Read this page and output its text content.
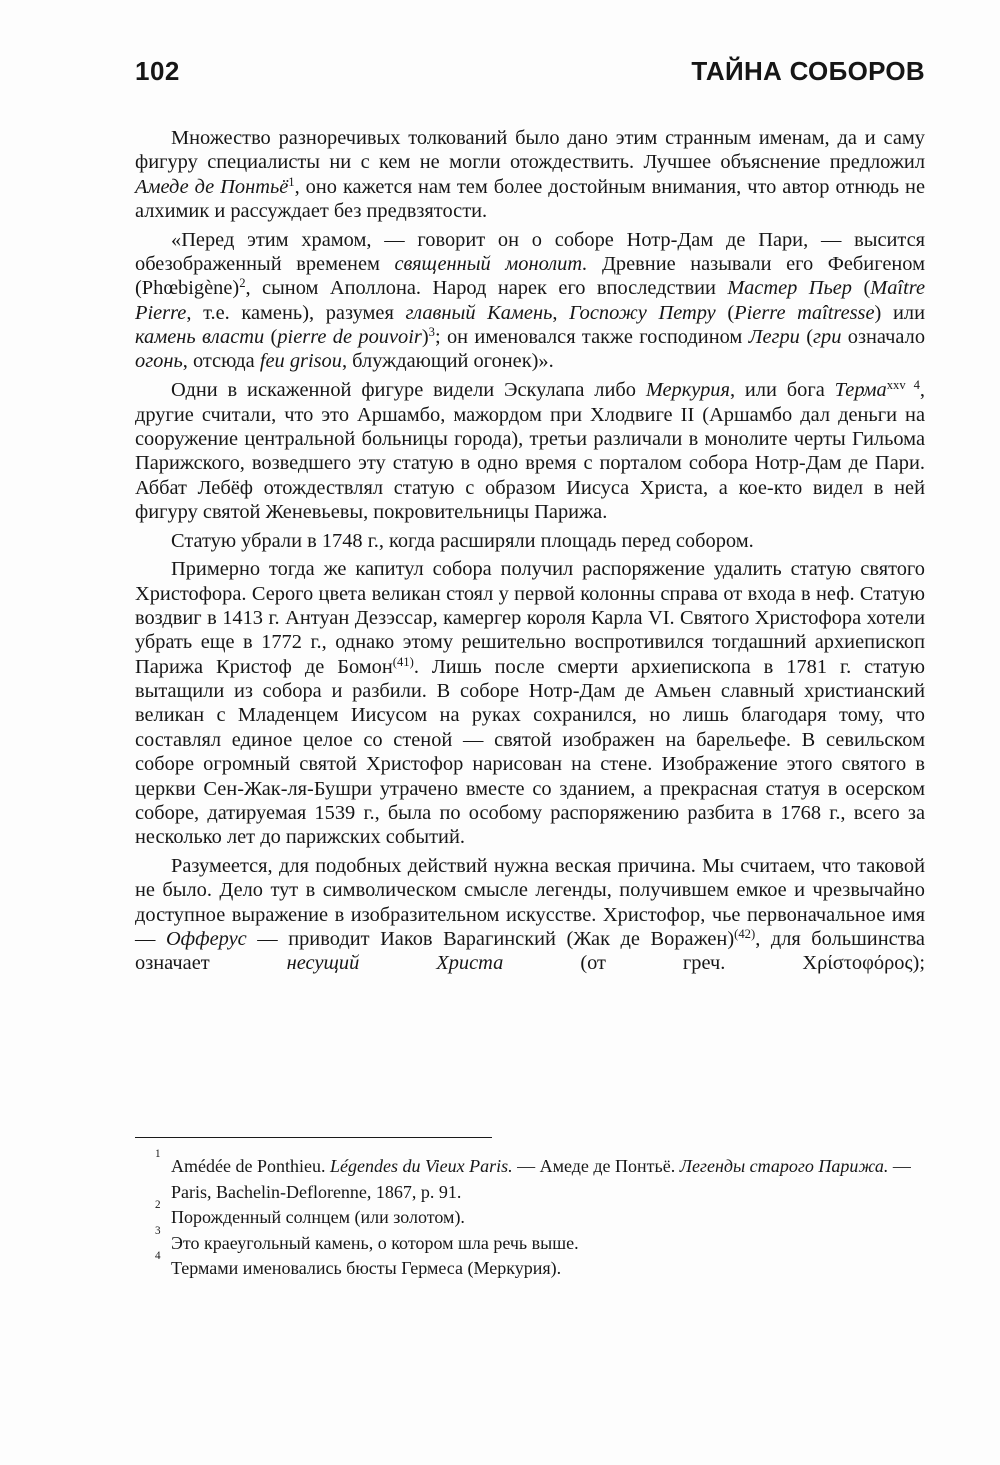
102	ТАЙНА СОБОРОВ

Множество разноречивых толкований было дано этим странным именам, да и саму фигуру специалисты ни с кем не могли отождествить. Лучшее объяснение предложил Амеде де Понтьё$^1$, оно кажется нам тем более достойным внимания, что автор отнюдь не алхимик и рассуждает без предвзятости.

«Перед этим храмом, — говорит он о соборе Нотр-Дам де Пари, — высится обезображенный временем священный монолит. Древние называли его Фебигеном (Phœbigène)$^2$, сыном Аполлона. Народ нарек его впоследствии Мастер Пьер (Maître Pierre, т.е. камень), разумея главный Камень, Госпожу Петру (Pierre maîtresse) или камень власти (pierre de pouvoir)$^3$; он именовался также господином Легри (гри означало огонь, отсюда feu grisou, блуждающий огонек)».

Одни в искаженной фигуре видели Эскулапа либо Меркурия, или бога Терма$^{xxv 4}$, другие считали, что это Аршамбо, мажордом при Хлодвиге II (Аршамбо дал деньги на сооружение центральной больницы города), третьи различали в монолите черты Гильома Парижского, возведшего эту статую в одно время с порталом собора Нотр-Дам де Пари. Аббат Лебёф отождествлял статую с образом Иисуса Христа, а кое-кто видел в ней фигуру святой Женевьевы, покровительницы Парижа.

Статую убрали в 1748 г., когда расширяли площадь перед собором.

Примерно тогда же капитул собора получил распоряжение удалить статую святого Христофора. Серого цвета великан стоял у первой колонны справа от входа в неф. Статую воздвиг в 1413 г. Антуан Дезэссар, камергер короля Карла VI. Святого Христофора хотели убрать еще в 1772 г., однако этому решительно воспротивился тогдашний архиепископ Парижа Кристоф де Бомон$^{(41)}$. Лишь после смерти архиепископа в 1781 г. статую вытащили из собора и разбили. В соборе Нотр-Дам де Амьен славный христианский великан с Младенцем Иисусом на руках сохранился, но лишь благодаря тому, что составлял единое целое со стеной — святой изображен на барельефе. В севильском соборе огромный святой Христофор нарисован на стене. Изображение этого святого в церкви Сен-Жак-ля-Бушри утрачено вместе со зданием, а прекрасная статуя в осерском соборе, датируемая 1539 г., была по особому распоряжению разбита в 1768 г., всего за несколько лет до парижских событий.

Разумеется, для подобных действий нужна веская причина. Мы считаем, что таковой не было. Дело тут в символическом смысле легенды, получившем емкое и чрезвычайно доступное выражение в изобразительном искусстве. Христофор, чье первоначальное имя — Офферус — приводит Иаков Варагинский (Жак де Воражен)$^{(42)}$, для большинства означает несущий Христа (от греч. Χρίστοφόρος);

1
Amédée de Ponthieu. Légendes du Vieux Paris. — Амеде де Понтьё. Легенды старого Парижа. — Paris, Bachelin-Deflorenne, 1867, p. 91.
2
Порожденный солнцем (или золотом).
3
Это краеугольный камень, о котором шла речь выше.
4
Термами именовались бюсты Гермеса (Меркурия).
